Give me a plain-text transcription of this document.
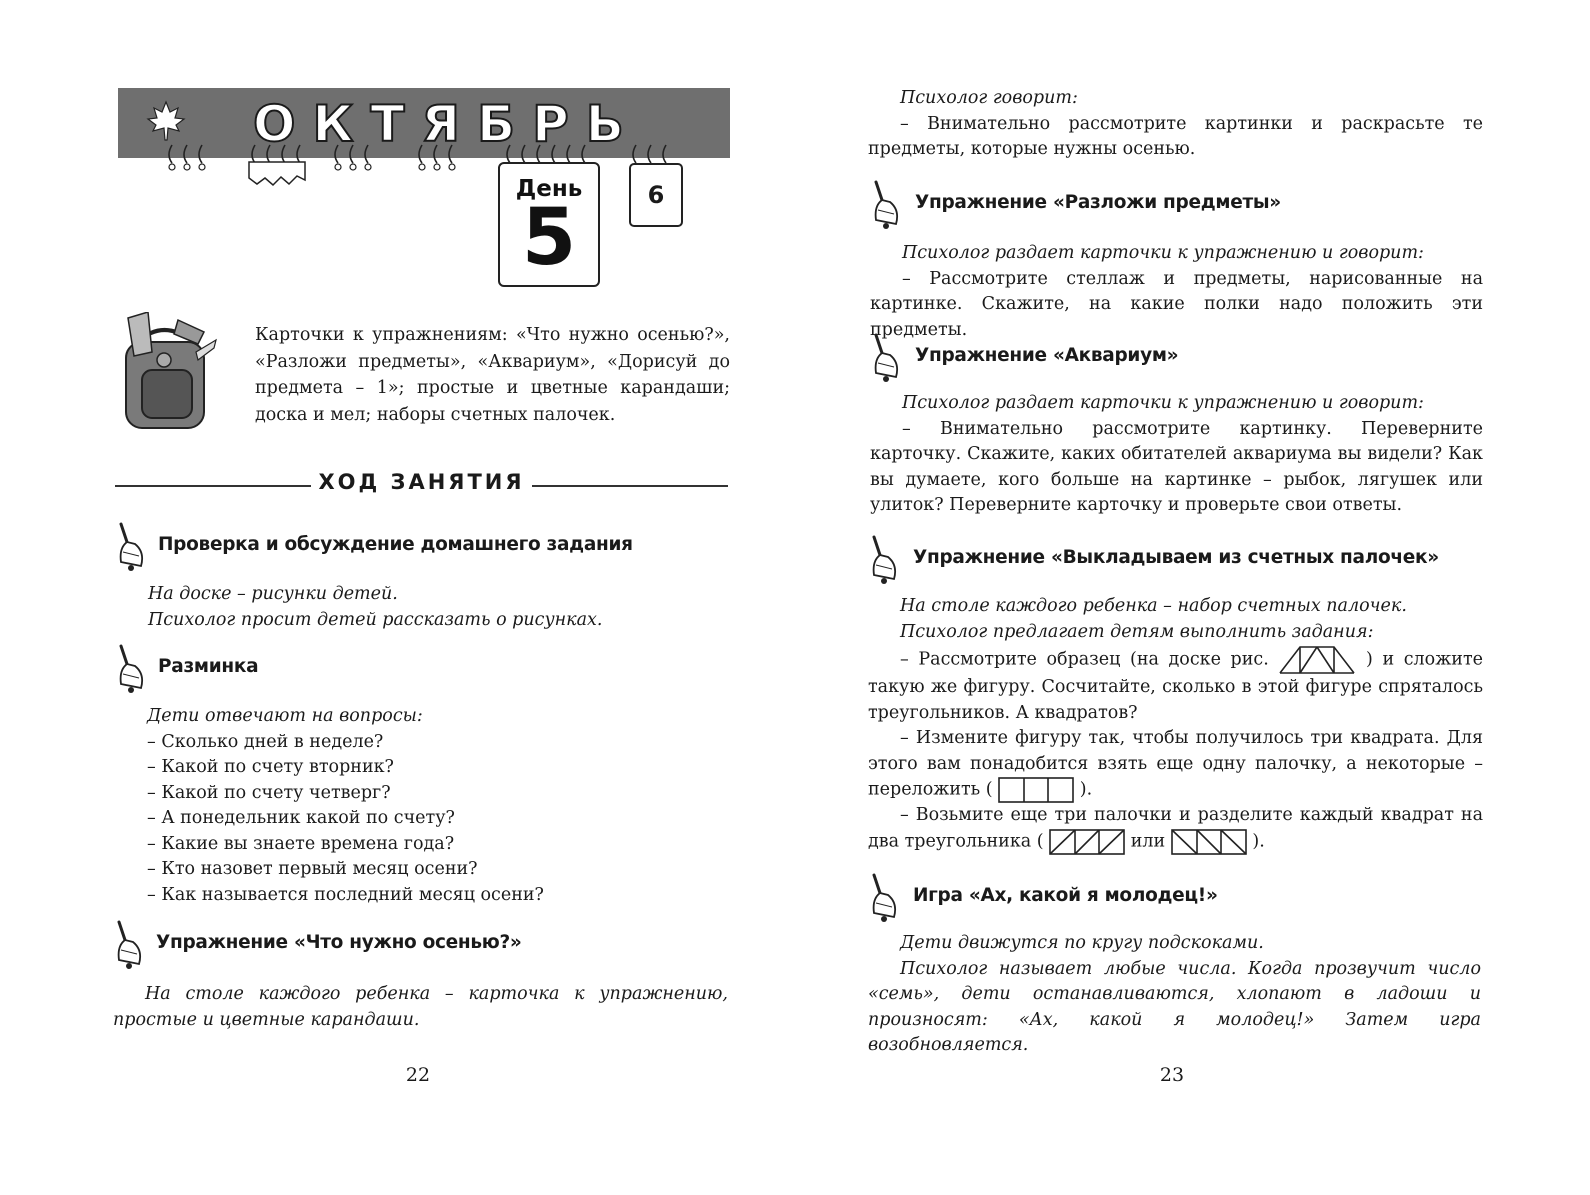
ОКТЯБРЬ
День
5	6
Карточки к упражнениям: «Что нужно осенью?», «Разложи предметы», «Аквариум», «Дорисуй до предмета – 1»; простые и цветные карандаши; доска и мел; наборы счетных палочек.
ХОД ЗАНЯТИЯ
Проверка и обсуждение домашнего задания
На доске – рисунки детей.
Психолог просит детей рассказать о рисунках.
Разминка
Дети отвечают на вопросы:
– Сколько дней в неделе?
– Какой по счету вторник?
– Какой по счету четверг?
– А понедельник какой по счету?
– Какие вы знаете времена года?
– Кто назовет первый месяц осени?
– Как называется последний месяц осени?
Упражнение «Что нужно осенью?»
На столе каждого ребенка – карточка к упражнению, простые и цветные карандаши.
22
Психолог говорит:
– Внимательно рассмотрите картинки и раскрасьте те предметы, которые нужны осенью.
Упражнение «Разложи предметы»
Психолог раздает карточки к упражнению и говорит:
– Рассмотрите стеллаж и предметы, нарисованные на картинке. Скажите, на какие полки надо положить эти предметы.
Упражнение «Аквариум»
Психолог раздает карточки к упражнению и говорит:
– Внимательно рассмотрите картинку. Переверните карточку. Скажите, каких обитателей аквариума вы видели? Как вы думаете, кого больше на картинке – рыбок, лягушек или улиток? Переверните карточку и проверьте свои ответы.
Упражнение «Выкладываем из счетных палочек»
На столе каждого ребенка – набор счетных палочек.
Психолог предлагает детям выполнить задания:
– Рассмотрите образец (на доске рис.	) и сложите такую же фигуру. Сосчитайте, сколько в этой фигуре спряталось треугольников. А квадратов?
– Измените фигуру так, чтобы получилось три квадрата. Для этого вам понадобится взять еще одну палочку, а некоторые – переложить (	).
– Возьмите еще три палочки и разделите каждый квадрат на два треугольника (	или	).
Игра «Ах, какой я молодец!»
Дети движутся по кругу подскоками.
Психолог называет любые числа. Когда прозвучит число «семь», дети останавливаются, хлопают в ладоши и произносят: «Ах, какой я молодец!» Затем игра возобновляется.
23
